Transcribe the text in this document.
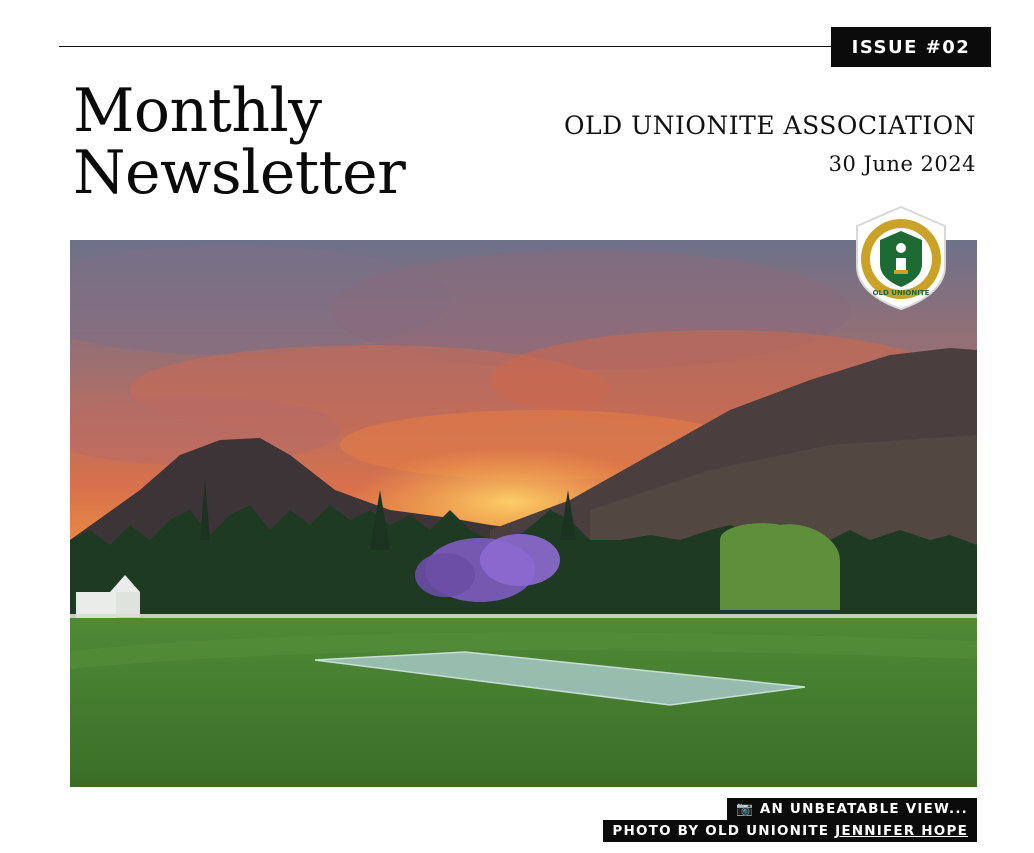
ISSUE #02
Monthly
Newsletter
OLD UNIONITE ASSOCIATION
30 June 2024
OLD UNIONITE
📷 AN UNBEATABLE VIEW...
PHOTO BY OLD UNIONITE JENNIFER HOPE
